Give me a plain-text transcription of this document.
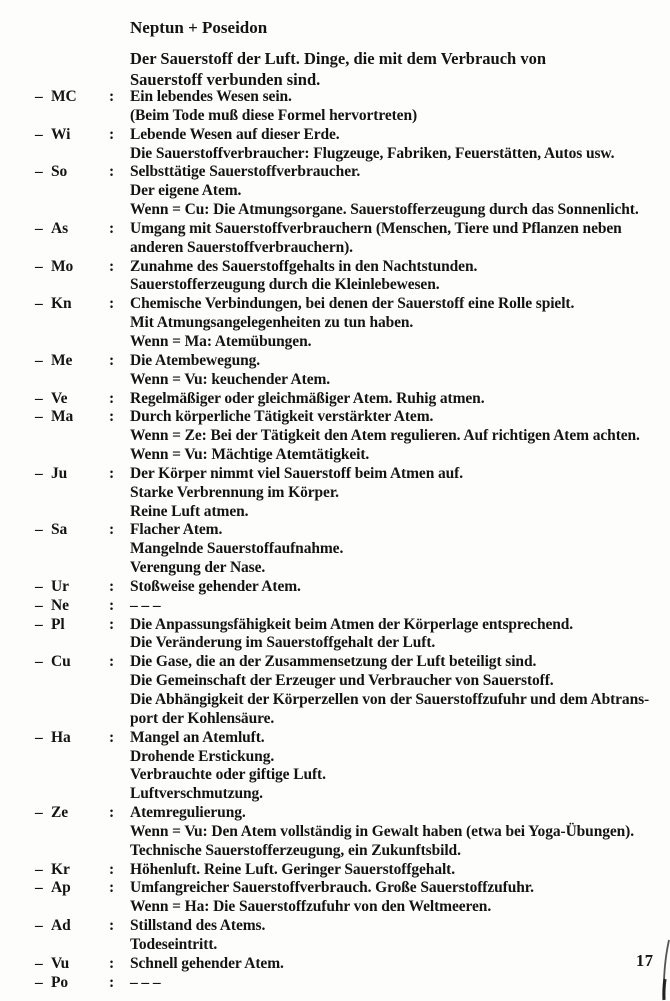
Neptun + Poseidon
Der Sauerstoff der Luft. Dinge, die mit dem Verbrauch von
Sauerstoff verbunden sind.
– MC	:	Ein lebendes Wesen sein.
(Beim Tode muß diese Formel hervortreten)
– Wi	:	Lebende Wesen auf dieser Erde.
Die Sauerstoffverbraucher: Flugzeuge, Fabriken, Feuerstätten, Autos usw.
– So	:	Selbsttätige Sauerstoffverbraucher.
Der eigene Atem.
Wenn = Cu: Die Atmungsorgane. Sauerstofferzeugung durch das Sonnenlicht.
– As	:	Umgang mit Sauerstoffverbrauchern (Menschen, Tiere und Pflanzen neben
anderen Sauerstoffverbrauchern).
– Mo	:	Zunahme des Sauerstoffgehalts in den Nachtstunden.
Sauerstofferzeugung durch die Kleinlebewesen.
– Kn	:	Chemische Verbindungen, bei denen der Sauerstoff eine Rolle spielt.
Mit Atmungsangelegenheiten zu tun haben.
Wenn = Ma: Atemübungen.
– Me	:	Die Atembewegung.
Wenn = Vu: keuchender Atem.
– Ve	:	Regelmäßiger oder gleichmäßiger Atem. Ruhig atmen.
– Ma	:	Durch körperliche Tätigkeit verstärkter Atem.
Wenn = Ze: Bei der Tätigkeit den Atem regulieren. Auf richtigen Atem achten.
Wenn = Vu: Mächtige Atemtätigkeit.
– Ju	:	Der Körper nimmt viel Sauerstoff beim Atmen auf.
Starke Verbrennung im Körper.
Reine Luft atmen.
– Sa	:	Flacher Atem.
Mangelnde Sauerstoffaufnahme.
Verengung der Nase.
– Ur	:	Stoßweise gehender Atem.
– Ne	:	– – –
– Pl	:	Die Anpassungsfähigkeit beim Atmen der Körperlage entsprechend.
Die Veränderung im Sauerstoffgehalt der Luft.
– Cu	:	Die Gase, die an der Zusammensetzung der Luft beteiligt sind.
Die Gemeinschaft der Erzeuger und Verbraucher von Sauerstoff.
Die Abhängigkeit der Körperzellen von der Sauerstoffzufuhr und dem Abtrans-
port der Kohlensäure.
– Ha	:	Mangel an Atemluft.
Drohende Erstickung.
Verbrauchte oder giftige Luft.
Luftverschmutzung.
– Ze	:	Atemregulierung.
Wenn = Vu: Den Atem vollständig in Gewalt haben (etwa bei Yoga-Übungen).
Technische Sauerstofferzeugung, ein Zukunftsbild.
– Kr	:	Höhenluft. Reine Luft. Geringer Sauerstoffgehalt.
– Ap	:	Umfangreicher Sauerstoffverbrauch. Große Sauerstoffzufuhr.
Wenn = Ha: Die Sauerstoffzufuhr von den Weltmeeren.
– Ad	:	Stillstand des Atems.
Todeseintritt.
– Vu	:	Schnell gehender Atem.
– Po	:	– – –
17
